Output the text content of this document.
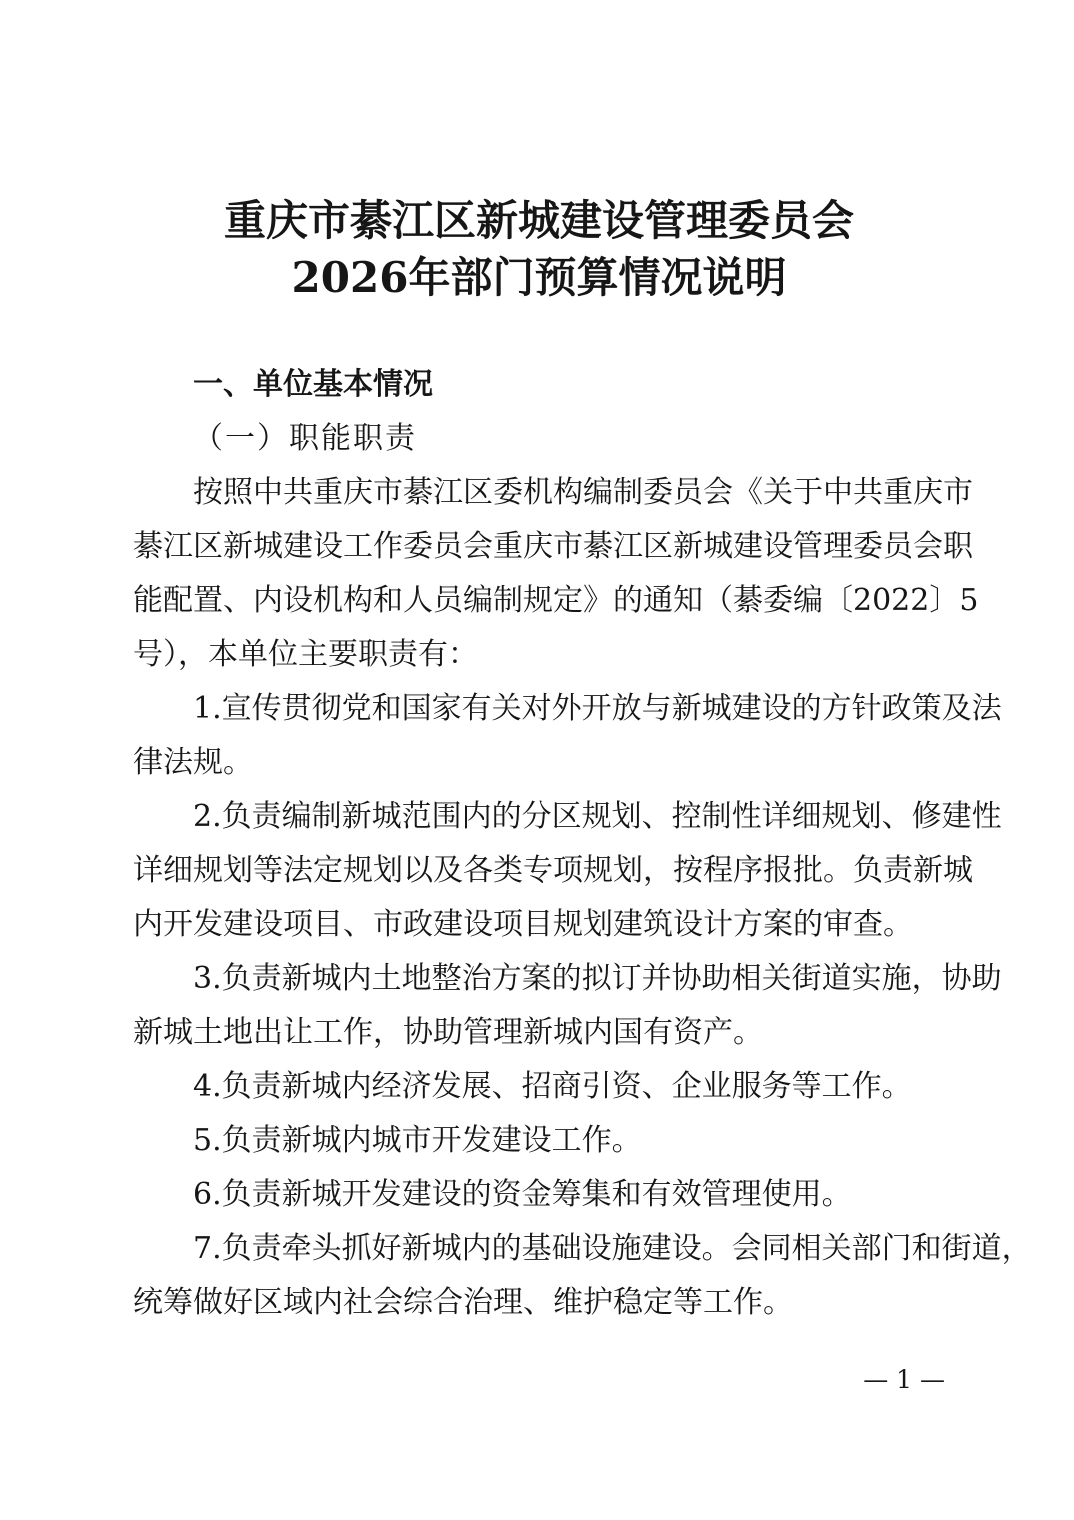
重庆市綦江区新城建设管理委员会
2026年部门预算情况说明
一、单位基本情况
（一）职能职责
按照中共重庆市綦江区委机构编制委员会《关于中共重庆市
綦江区新城建设工作委员会重庆市綦江区新城建设管理委员会职
能配置、内设机构和人员编制规定》的通知（綦委编〔2022〕5
号），本单位主要职责有：
1.宣传贯彻党和国家有关对外开放与新城建设的方针政策及法
律法规。
2.负责编制新城范围内的分区规划、控制性详细规划、修建性
详细规划等法定规划以及各类专项规划，按程序报批。负责新城
内开发建设项目、市政建设项目规划建筑设计方案的审查。
3.负责新城内土地整治方案的拟订并协助相关街道实施，协助
新城土地出让工作，协助管理新城内国有资产。
4.负责新城内经济发展、招商引资、企业服务等工作。
5.负责新城内城市开发建设工作。
6.负责新城开发建设的资金筹集和有效管理使用。
7.负责牵头抓好新城内的基础设施建设。会同相关部门和街道，
统筹做好区域内社会综合治理、维护稳定等工作。
— 1 —
